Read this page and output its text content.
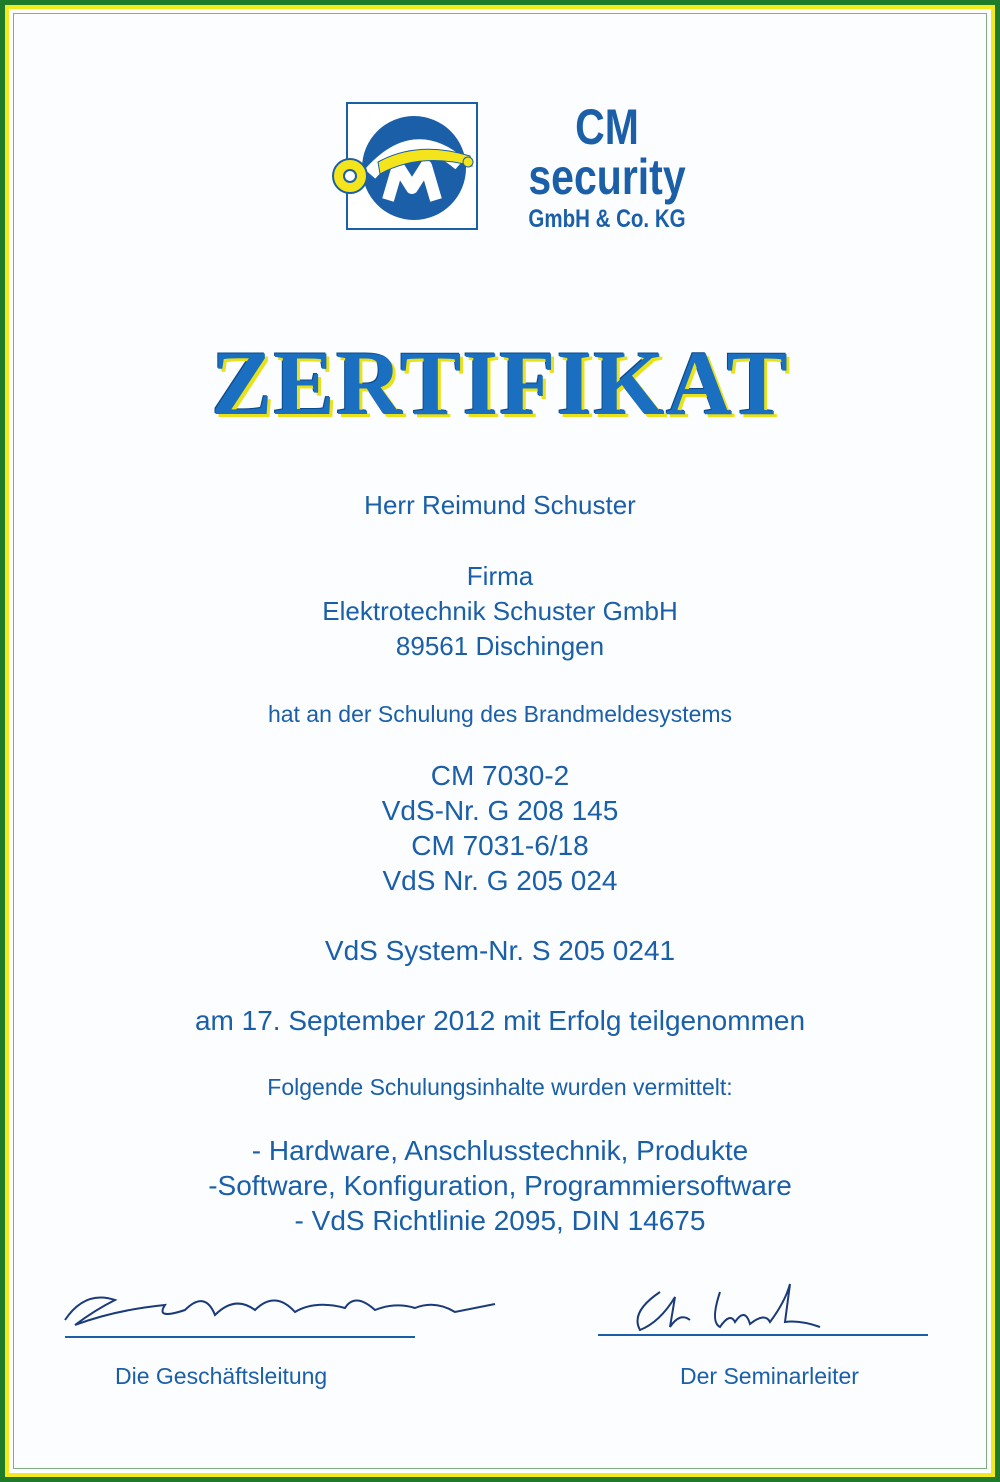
CM
security
GmbH & Co. KG
ZERTIFIKAT
Herr Reimund Schuster
Firma
Elektrotechnik Schuster GmbH
89561 Dischingen
hat an der Schulung des Brandmeldesystems
CM 7030-2
VdS-Nr. G 208 145
CM 7031-6/18
VdS Nr. G 205 024
VdS System-Nr. S 205 0241
am 17. September 2012 mit Erfolg teilgenommen
Folgende Schulungsinhalte wurden vermittelt:
- Hardware, Anschlusstechnik, Produkte
-Software, Konfiguration, Programmiersoftware
- VdS Richtlinie 2095, DIN 14675
Die Geschäftsleitung	Der Seminarleiter
